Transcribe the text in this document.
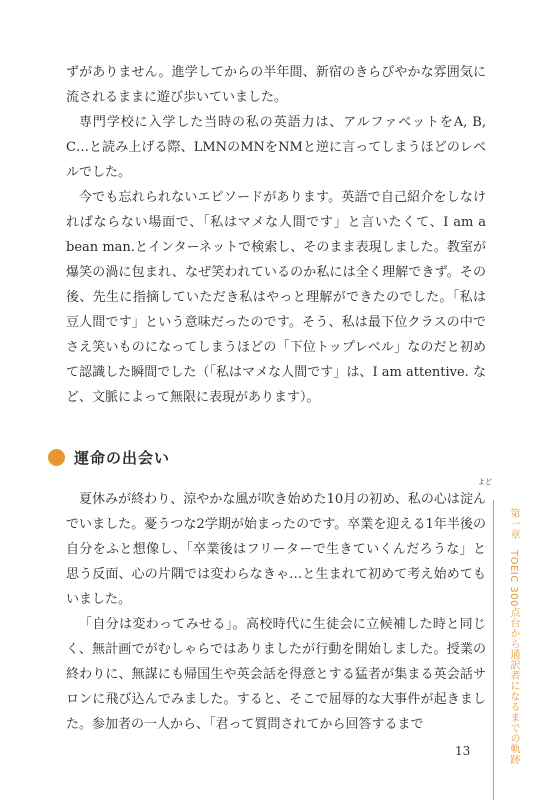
ずがありません。進学してからの半年間、新宿のきらびやかな雰囲気に流されるままに遊び歩いていました。

専門学校に入学した当時の私の英語力は、アルファベットをA, B, C…と読み上げる際、LMNのMNをNMと逆に言ってしまうほどのレベルでした。

今でも忘れられないエピソードがあります。英語で自己紹介をしなければならない場面で、「私はマメな人間です」と言いたくて、I am a bean man.とインターネットで検索し、そのまま表現しました。教室が爆笑の渦に包まれ、なぜ笑われているのか私には全く理解できず。その後、先生に指摘していただき私はやっと理解ができたのでした。「私は豆人間です」という意味だったのです。そう、私は最下位クラスの中でさえ笑いものになってしまうほどの「下位トップレベル」なのだと初めて認識した瞬間でした（「私はマメな人間です」は、I am attentive. など、文脈によって無限に表現があります）。

運命の出会い
よど

夏休みが終わり、涼やかな風が吹き始めた10月の初め、私の心は淀んでいました。憂うつな2学期が始まったのです。卒業を迎える1年半後の自分をふと想像し、「卒業後はフリーターで生きていくんだろうな」と思う反面、心の片隅では変わらなきゃ…と生まれて初めて考え始めてもいました。

「自分は変わってみせる」。高校時代に生徒会に立候補した時と同じく、無計画でがむしゃらではありましたが行動を開始しました。授業の終わりに、無謀にも帰国生や英会話を得意とする猛者が集まる英会話サロンに飛び込んでみました。すると、そこで屈辱的な大事件が起きました。参加者の一人から、「君って質問されてから回答するまで	第一章　TOEIC 300点台から通訳者になるまでの軌跡
13
